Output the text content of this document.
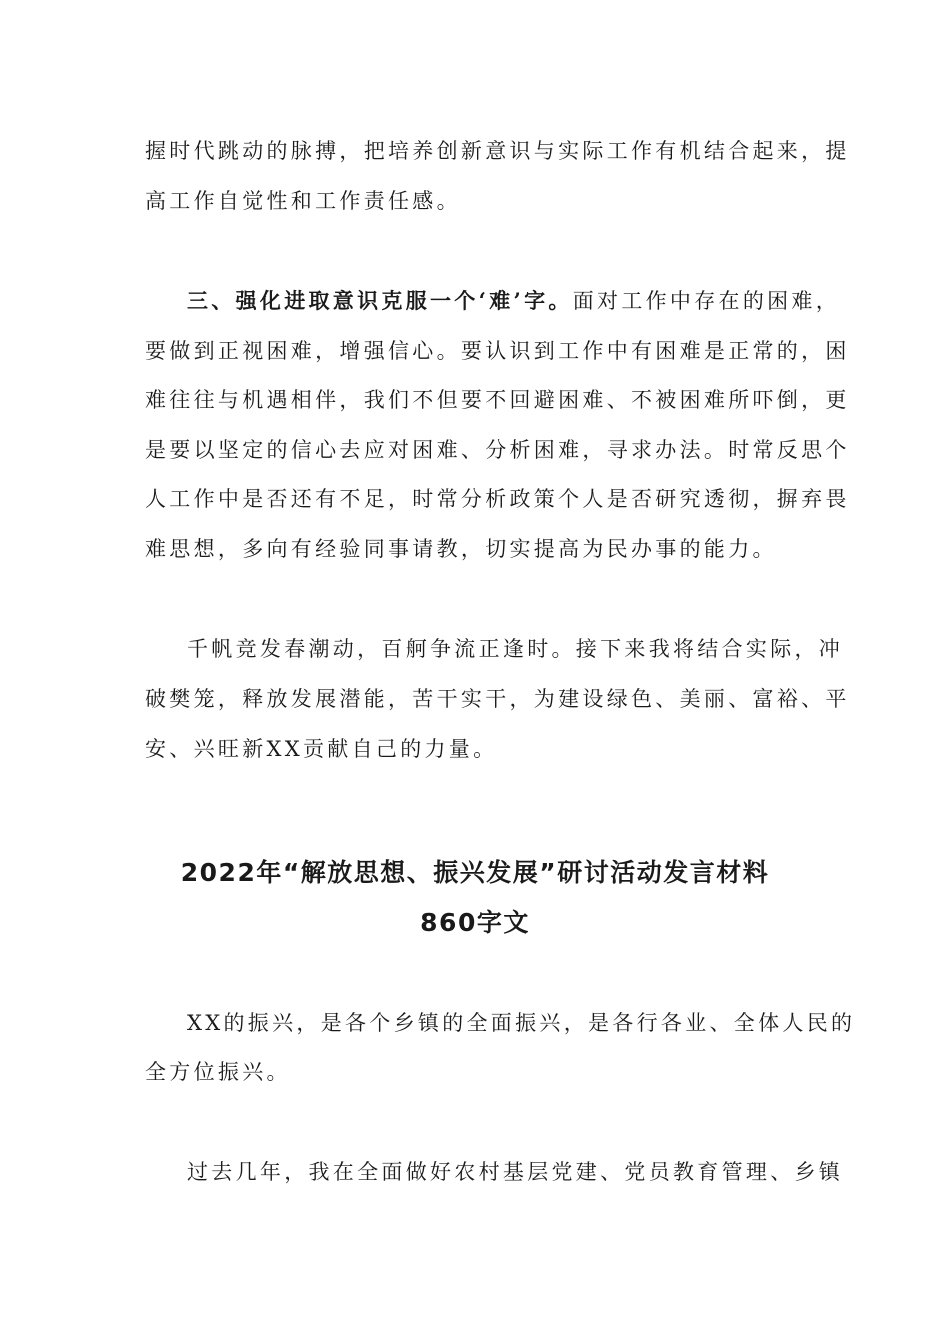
握时代跳动的脉搏，把培养创新意识与实际工作有机结合起来，提
高工作自觉性和工作责任感。
三、强化进取意识克服一个‘难’字。面对工作中存在的困难，
要做到正视困难，增强信心。要认识到工作中有困难是正常的，困
难往往与机遇相伴，我们不但要不回避困难、不被困难所吓倒，更
是要以坚定的信心去应对困难、分析困难，寻求办法。时常反思个
人工作中是否还有不足，时常分析政策个人是否研究透彻，摒弃畏
难思想，多向有经验同事请教，切实提高为民办事的能力。
千帆竞发春潮动，百舸争流正逢时。接下来我将结合实际，冲
破樊笼，释放发展潜能，苦干实干，为建设绿色、美丽、富裕、平
安、兴旺新XX贡献自己的力量。
2022年“解放思想、振兴发展”研讨活动发言材料
860字文
XX的振兴，是各个乡镇的全面振兴，是各行各业、全体人民的
全方位振兴。
过去几年，我在全面做好农村基层党建、党员教育管理、乡镇
